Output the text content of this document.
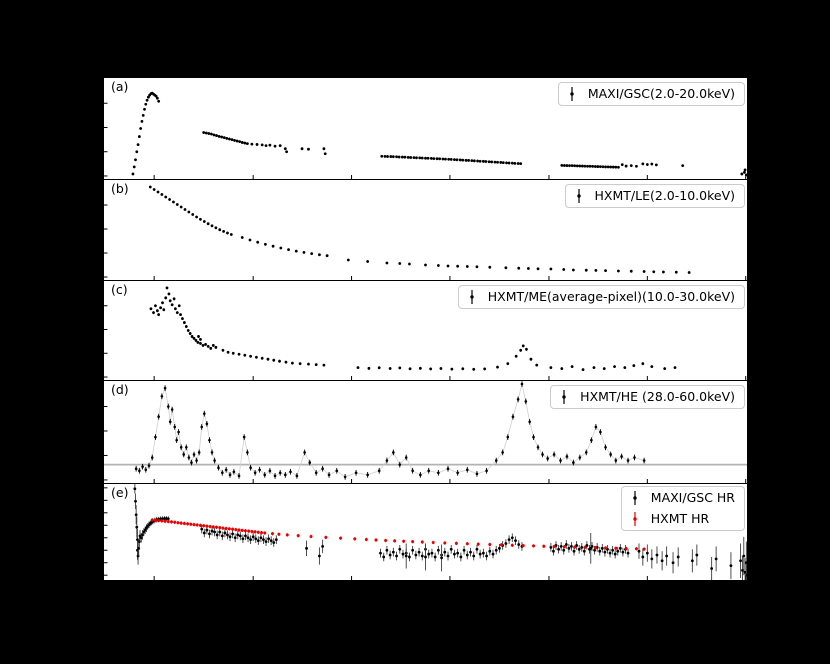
(a)	MAXI/GSC(2.0-20.0keV)
(b)	HXMT/LE(2.0-10.0keV)
(c)	HXMT/ME(average-pixel)(10.0-30.0keV)
(d)	HXMT/HE (28.0-60.0keV)
(e)	MAXI/GSC HR
HXMT HR
